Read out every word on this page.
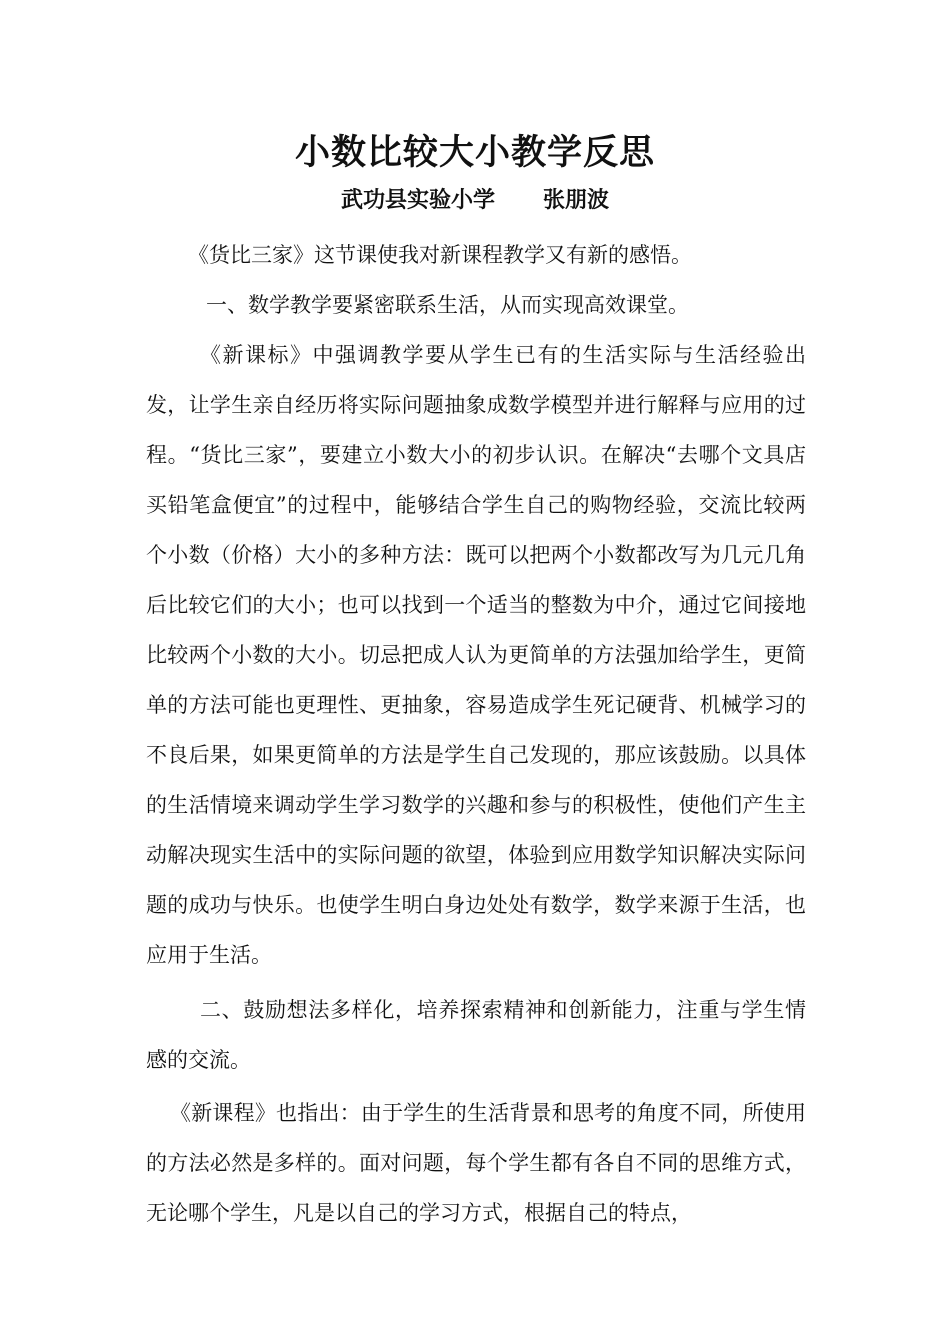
小数比较大小教学反思
武功县实验小学 张朋波

《货比三家》这节课使我对新课程教学又有新的感悟。

一、数学教学要紧密联系生活，从而实现高效课堂。

《新课标》中强调教学要从学生已有的生活实际与生活经验出发，让学生亲自经历将实际问题抽象成数学模型并进行解释与应用的过程。“货比三家”，要建立小数大小的初步认识。在解决“去哪个文具店买铅笔盒便宜”的过程中，能够结合学生自己的购物经验，交流比较两个小数（价格）大小的多种方法：既可以把两个小数都改写为几元几角后比较它们的大小；也可以找到一个适当的整数为中介，通过它间接地比较两个小数的大小。切忌把成人认为更简单的方法强加给学生，更简单的方法可能也更理性、更抽象，容易造成学生死记硬背、机械学习的不良后果，如果更简单的方法是学生自己发现的，那应该鼓励。以具体的生活情境来调动学生学习数学的兴趣和参与的积极性，使他们产生主动解决现实生活中的实际问题的欲望，体验到应用数学知识解决实际问题的成功与快乐。也使学生明白身边处处有数学，数学来源于生活，也应用于生活。

二、鼓励想法多样化，培养探索精神和创新能力，注重与学生情感的交流。

《新课程》也指出：由于学生的生活背景和思考的角度不同，所使用的方法必然是多样的。面对问题，每个学生都有各自不同的思维方式，无论哪个学生，凡是以自己的学习方式，根据自己的特点，
